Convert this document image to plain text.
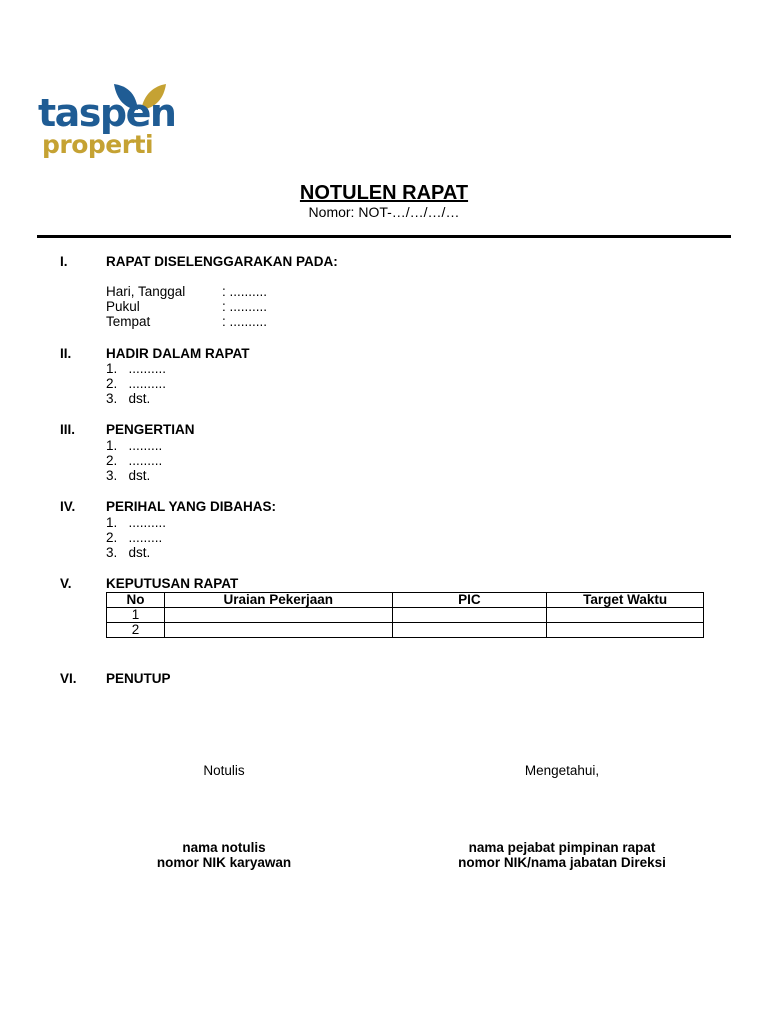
taspen
properti
NOTULEN RAPAT
Nomor: NOT-…/…/…/…
I.	RAPAT DISELENGGARAKAN PADA:
Hari, Tanggal	: ..........
Pukul	: ..........
Tempat	: ..........
II.	HADIR DALAM RAPAT
1.   ..........
2.   ..........
3.   dst.
III. PENGERTIAN
1.   .........
2.   .........
3.   dst.
IV. PERIHAL YANG DIBAHAS:
1.   ..........
2.   .........
3.   dst.
V.	KEPUTUSAN RAPAT
No	Uraian Pekerjaan	PIC	Target Waktu
1			
2			
VI. PENUTUP
Notulis	Mengetahui,
nama notulis
nomor NIK karyawan
nama pejabat pimpinan rapat
nomor NIK/nama jabatan Direksi
